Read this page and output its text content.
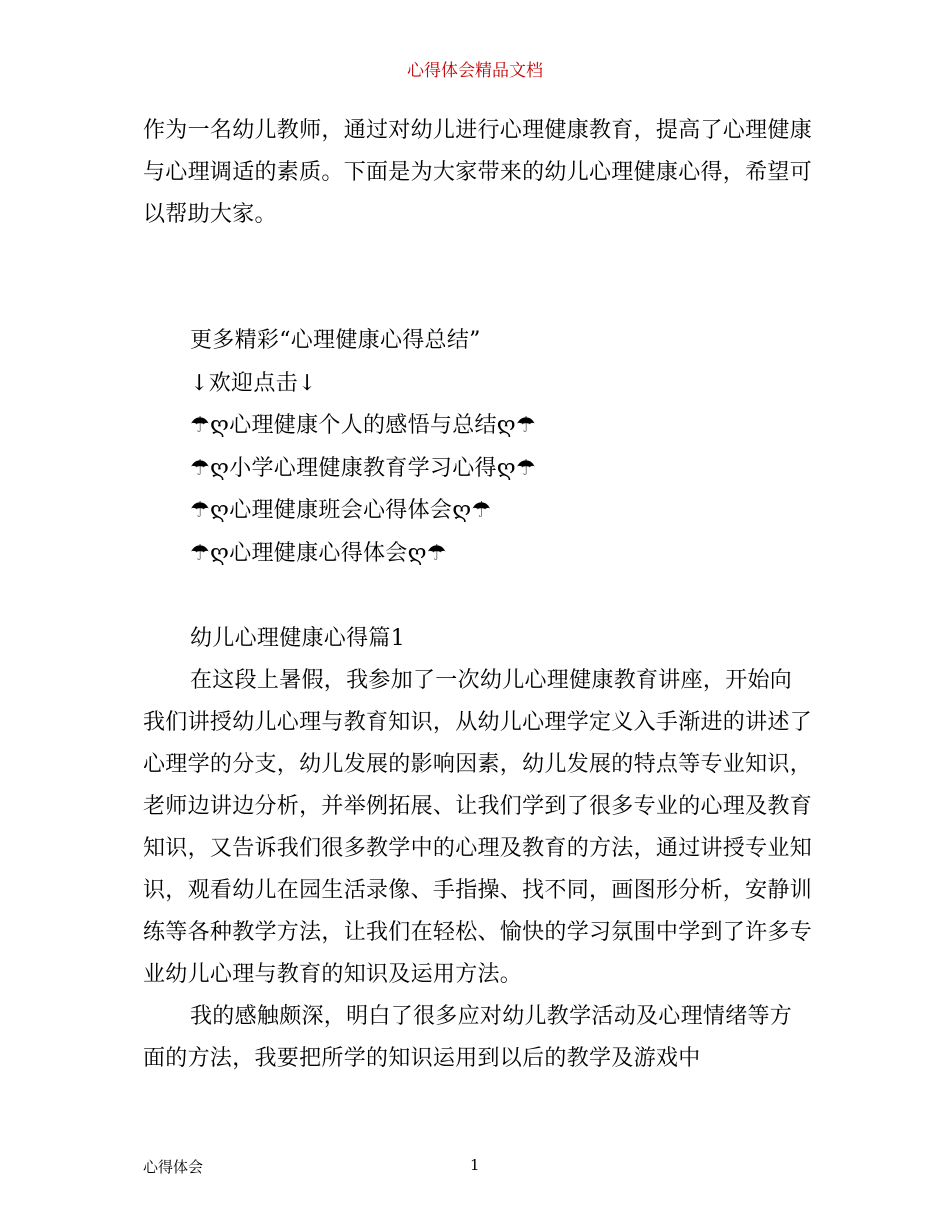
心得体会精品文档
作为一名幼儿教师，通过对幼儿进行心理健康教育，提高了心理健康与心理调适的素质。下面是为大家带来的幼儿心理健康心得，希望可以帮助大家。

更多精彩“心理健康心得总结”

↓欢迎点击↓

☂ღ心理健康个人的感悟与总结ღ☂

☂ღ小学心理健康教育学习心得ღ☂

☂ღ心理健康班会心得体会ღ☂

☂ღ心理健康心得体会ღ☂

幼儿心理健康心得篇1

在这段上暑假，我参加了一次幼儿心理健康教育讲座，开始向我们讲授幼儿心理与教育知识，从幼儿心理学定义入手渐进的讲述了心理学的分支，幼儿发展的影响因素，幼儿发展的特点等专业知识，老师边讲边分析，并举例拓展、让我们学到了很多专业的心理及教育知识，又告诉我们很多教学中的心理及教育的方法，通过讲授专业知识，观看幼儿在园生活录像、手指操、找不同，画图形分析，安静训练等各种教学方法，让我们在轻松、愉快的学习氛围中学到了许多专业幼儿心理与教育的知识及运用方法。

我的感触颇深，明白了很多应对幼儿教学活动及心理情绪等方面的方法，我要把所学的知识运用到以后的教学及游戏中

心得体会	1
